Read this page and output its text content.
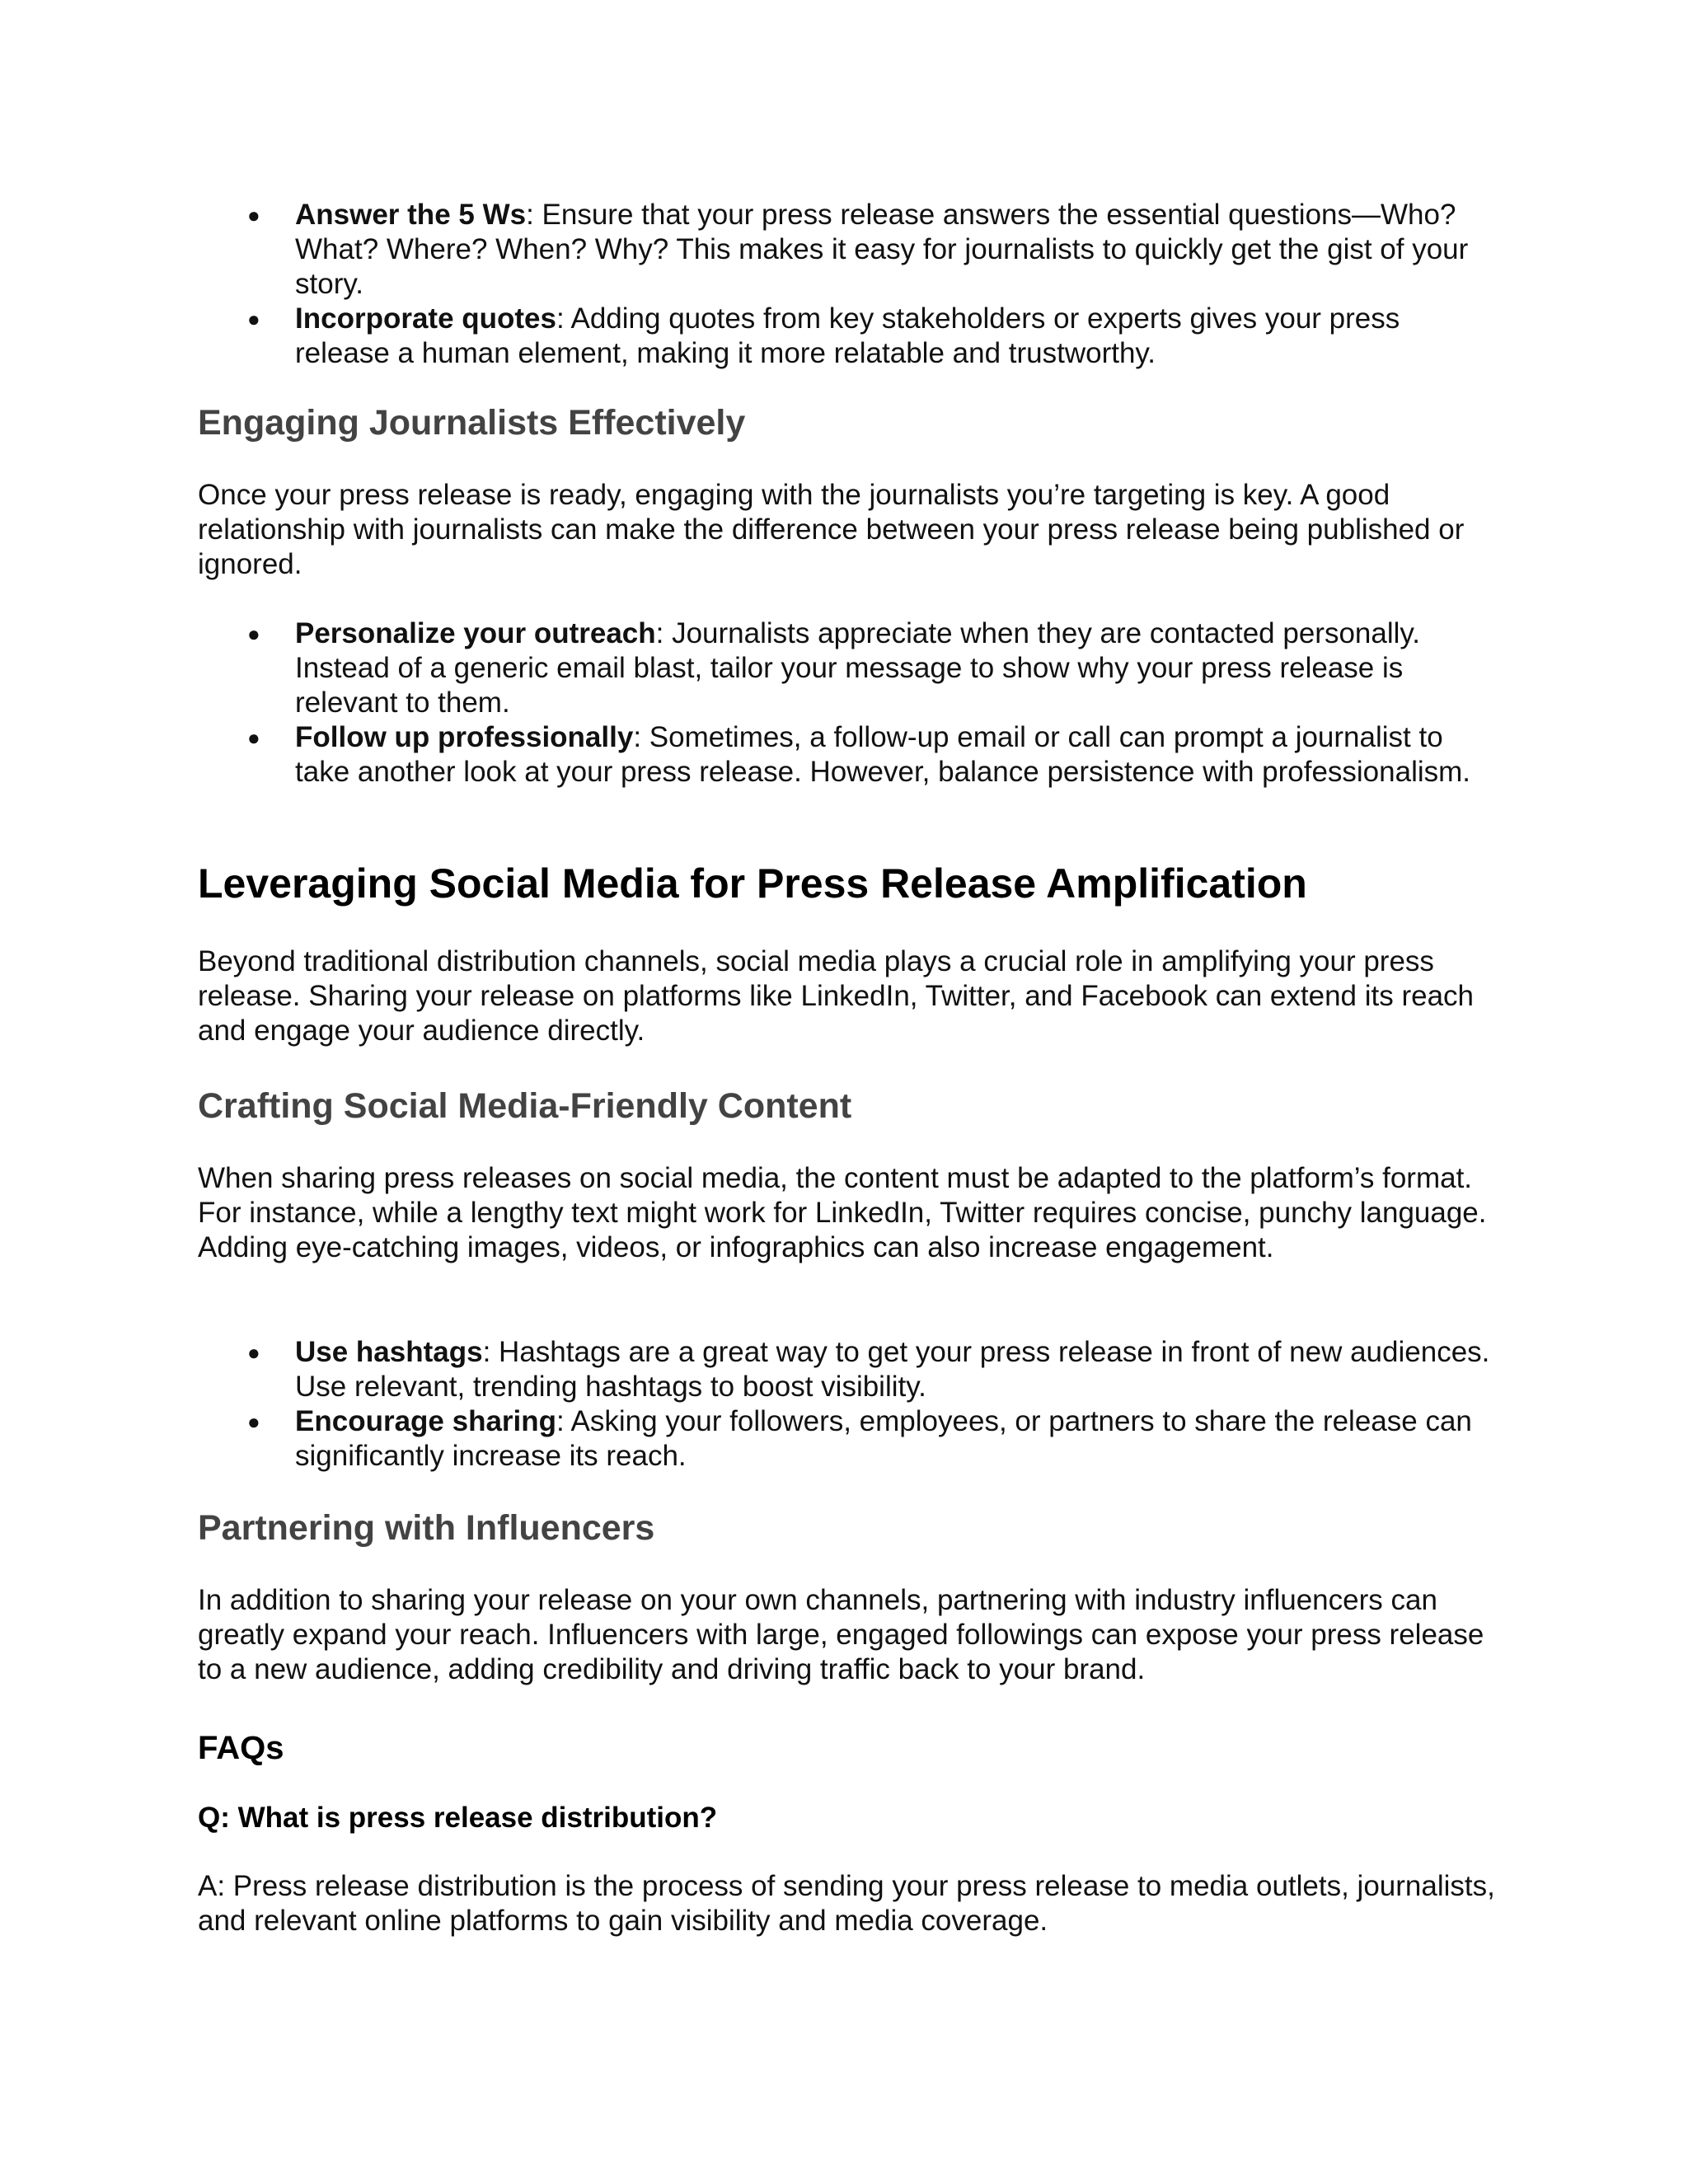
● Answer the 5 Ws: Ensure that your press release answers the essential questions—Who? What? Where? When? Why? This makes it easy for journalists to quickly get the gist of your story.
● Incorporate quotes: Adding quotes from key stakeholders or experts gives your press release a human element, making it more relatable and trustworthy.
Engaging Journalists Effectively

Once your press release is ready, engaging with the journalists you’re targeting is key. A good relationship with journalists can make the difference between your press release being published or ignored.

● Personalize your outreach: Journalists appreciate when they are contacted personally. Instead of a generic email blast, tailor your message to show why your press release is relevant to them.
● Follow up professionally: Sometimes, a follow-up email or call can prompt a journalist to take another look at your press release. However, balance persistence with professionalism.
Leveraging Social Media for Press Release Amplification

Beyond traditional distribution channels, social media plays a crucial role in amplifying your press release. Sharing your release on platforms like LinkedIn, Twitter, and Facebook can extend its reach and engage your audience directly.

Crafting Social Media-Friendly Content

When sharing press releases on social media, the content must be adapted to the platform’s format. For instance, while a lengthy text might work for LinkedIn, Twitter requires concise, punchy language. Adding eye-catching images, videos, or infographics can also increase engagement.

● Use hashtags: Hashtags are a great way to get your press release in front of new audiences. Use relevant, trending hashtags to boost visibility.
● Encourage sharing: Asking your followers, employees, or partners to share the release can significantly increase its reach.
Partnering with Influencers

In addition to sharing your release on your own channels, partnering with industry influencers can greatly expand your reach. Influencers with large, engaged followings can expose your press release to a new audience, adding credibility and driving traffic back to your brand.

FAQs
Q: What is press release distribution?

A: Press release distribution is the process of sending your press release to media outlets, journalists, and relevant online platforms to gain visibility and media coverage.
